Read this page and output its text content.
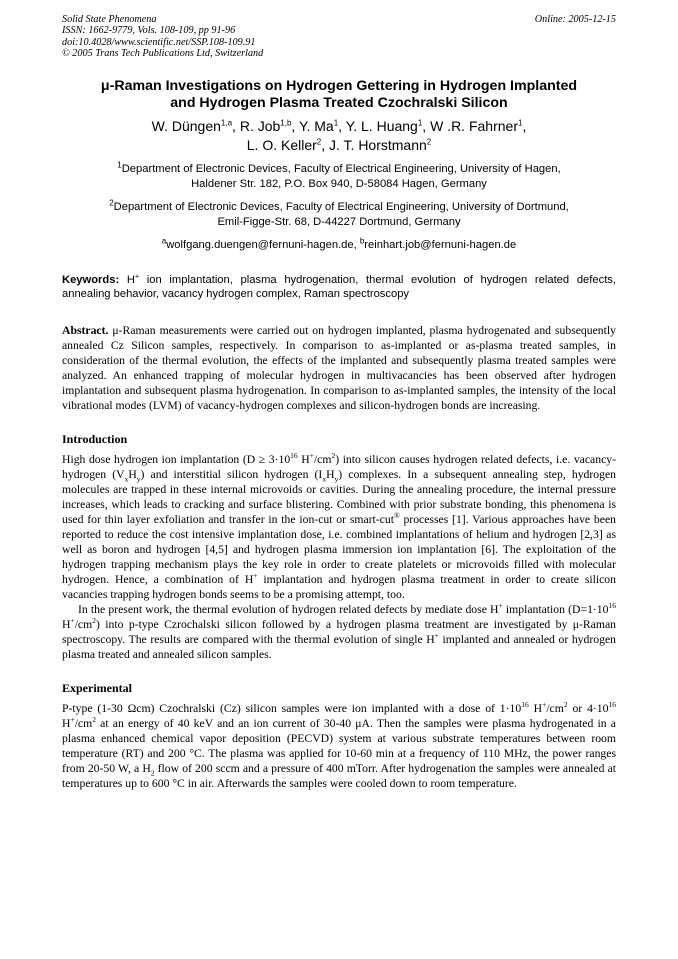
Solid State Phenomena
ISSN: 1662-9779, Vols. 108-109, pp 91-96
doi:10.4028/www.scientific.net/SSP.108-109.91
© 2005 Trans Tech Publications Ltd, Switzerland
Online: 2005-12-15
μ-Raman Investigations on Hydrogen Gettering in Hydrogen Implanted
and Hydrogen Plasma Treated Czochralski Silicon
W. Düngen$^{1,a}$, R. Job$^{1,b}$, Y. Ma$^1$, Y. L. Huang$^1$, W .R. Fahrner$^1$,
L. O. Keller$^2$, J. T. Horstmann$^2$
$^1$Department of Electronic Devices, Faculty of Electrical Engineering, University of Hagen,
Haldener Str. 182, P.O. Box 940, D-58084 Hagen, Germany
$^2$Department of Electronic Devices, Faculty of Electrical Engineering, University of Dortmund,
Emil-Figge-Str. 68, D-44227 Dortmund, Germany
$^a$wolfgang.duengen@fernuni-hagen.de, $^b$reinhart.job@fernuni-hagen.de
Keywords: H+ ion implantation, plasma hydrogenation, thermal evolution of hydrogen related defects, annealing behavior, vacancy hydrogen complex, Raman spectroscopy
Abstract. μ-Raman measurements were carried out on hydrogen implanted, plasma hydrogenated and subsequently annealed Cz Silicon samples, respectively. In comparison to as-implanted or as-plasma treated samples, in consideration of the thermal evolution, the effects of the implanted and subsequently plasma treated samples were analyzed. An enhanced trapping of molecular hydrogen in multivacancies has been observed after hydrogen implantation and subsequent plasma hydrogenation. In comparison to as-implanted samples, the intensity of the local vibrational modes (LVM) of vacancy-hydrogen complexes and silicon-hydrogen bonds are increasing.
Introduction
High dose hydrogen ion implantation ($D \ge 3\cdot 10^{16}$ $H^+/cm^2$) into silicon causes hydrogen related defects, i.e. vacancy-hydrogen $(V_xH_y)$ and interstitial silicon hydrogen $(I_xH_y)$ complexes. In a subsequent annealing step, hydrogen molecules are trapped in these internal microvoids or cavities. During the annealing procedure, the internal pressure increases, which leads to cracking and surface blistering. Combined with prior substrate bonding, this phenomena is used for thin layer exfoliation and transfer in the ion-cut or smart-cut® processes [1]. Various approaches have been reported to reduce the cost intensive implantation dose, i.e. combined implantations of helium and hydrogen [2,3] as well as boron and hydrogen [4,5] and hydrogen plasma immersion ion implantation [6]. The exploitation of the hydrogen trapping mechanism plays the key role in order to create platelets or microvoids filled with molecular hydrogen. Hence, a combination of H+ implantation and hydrogen plasma treatment in order to create silicon vacancies trapping hydrogen bonds seems to be a promising attempt, too.
In the present work, the thermal evolution of hydrogen related defects by mediate dose H+ implantation ($D=1\cdot 10^{16}$ $H^+/cm^2$) into p-type Czrochalski silicon followed by a hydrogen plasma treatment are investigated by μ-Raman spectroscopy. The results are compared with the thermal evolution of single H+ implanted and annealed or hydrogen plasma treated and annealed silicon samples.
Experimental
P-type (1-30 Ωcm) Czochralski (Cz) silicon samples were ion implanted with a dose of $1\cdot 10^{16}$ $H^+/cm^2$ or $4\cdot 10^{16}$ $H^+/cm^2$ at an energy of 40 keV and an ion current of 30-40 μA. Then the samples were plasma hydrogenated in a plasma enhanced chemical vapor deposition (PECVD) system at various substrate temperatures between room temperature (RT) and 200 °C. The plasma was applied for 10-60 min at a frequency of 110 MHz, the power ranges from 20-50 W, a $H_2$ flow of 200 sccm and a pressure of 400 mTorr. After hydrogenation the samples were annealed at temperatures up to 600 °C in air. Afterwards the samples were cooled down to room temperature.
